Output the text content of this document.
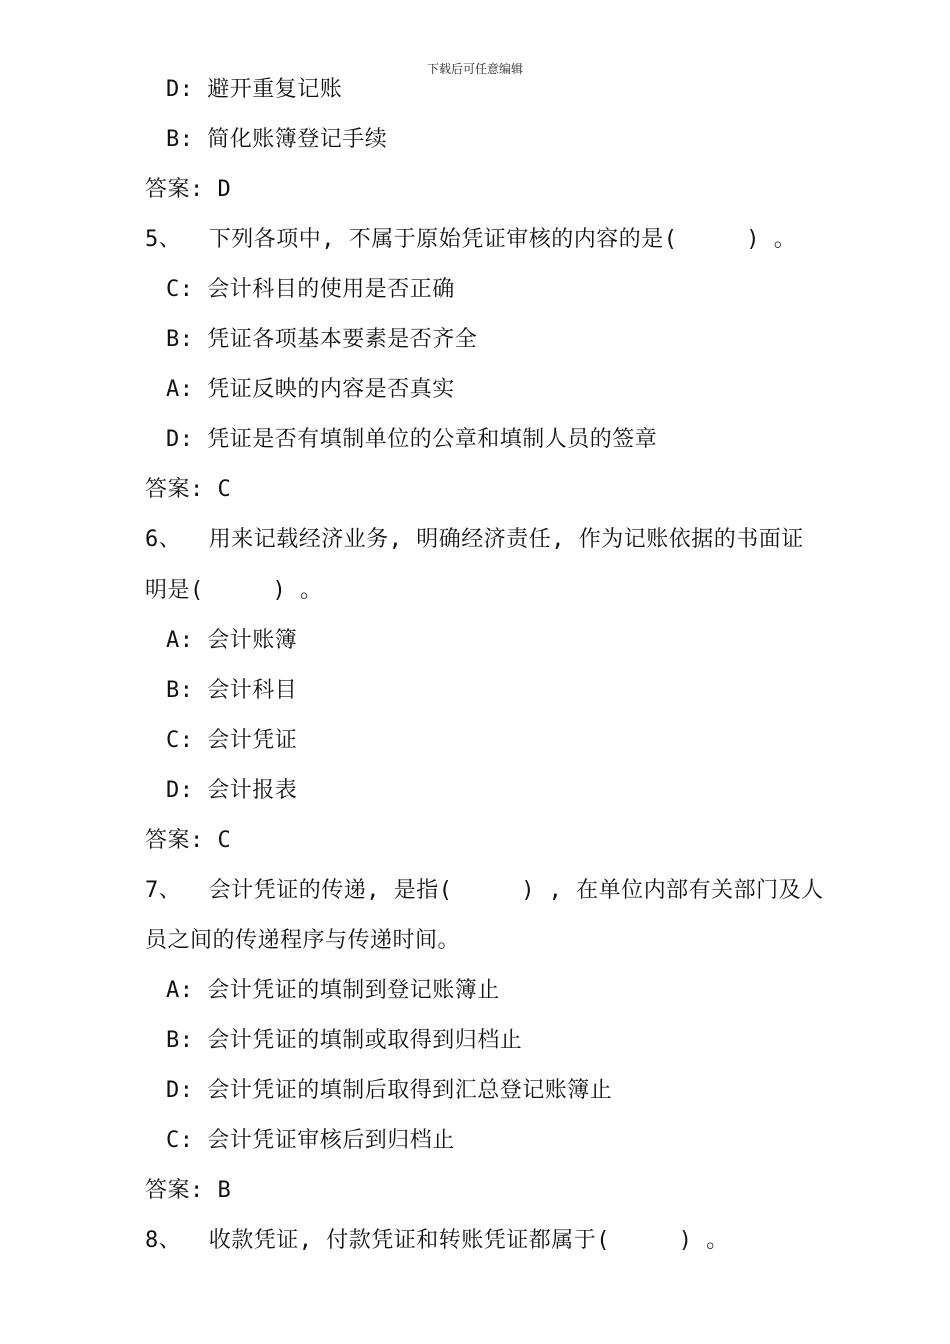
下载后可任意编辑
D: 避开重复记账
B: 简化账簿登记手续
答案: D
5、  下列各项中, 不属于原始凭证审核的内容的是(     ) 。
C: 会计科目的使用是否正确
B: 凭证各项基本要素是否齐全
A: 凭证反映的内容是否真实
D: 凭证是否有填制单位的公章和填制人员的签章
答案: C
6、  用来记载经济业务, 明确经济责任, 作为记账依据的书面证
明是(     ) 。
A: 会计账簿
B: 会计科目
C: 会计凭证
D: 会计报表
答案: C
7、  会计凭证的传递, 是指(     ) , 在单位内部有关部门及人
员之间的传递程序与传递时间。
A: 会计凭证的填制到登记账簿止
B: 会计凭证的填制或取得到归档止
D: 会计凭证的填制后取得到汇总登记账簿止
C: 会计凭证审核后到归档止
答案: B
8、  收款凭证, 付款凭证和转账凭证都属于(     ) 。
